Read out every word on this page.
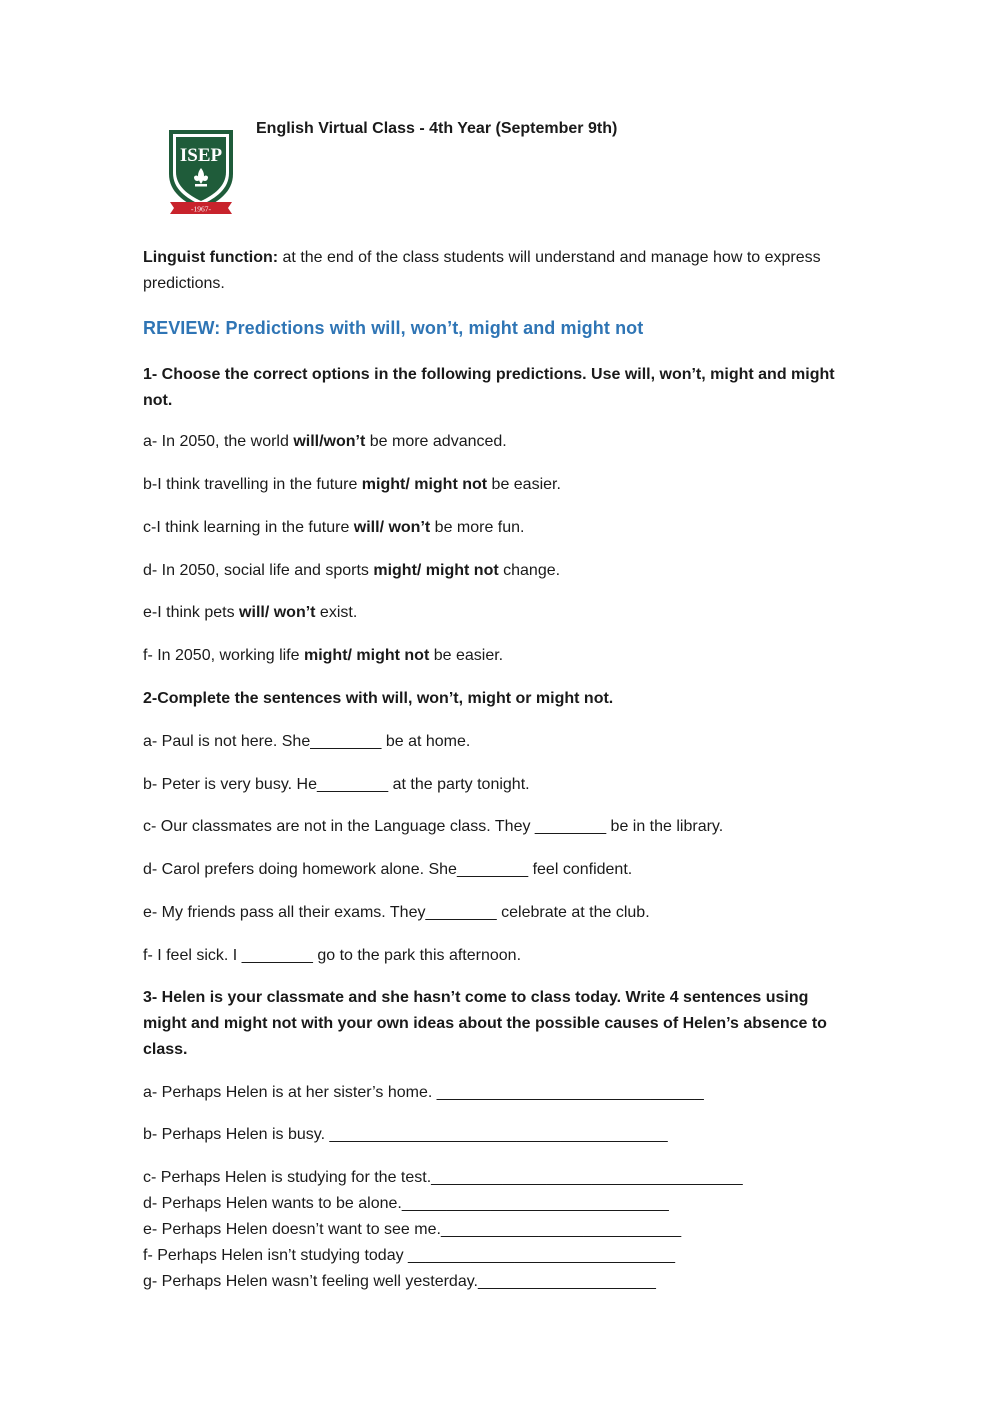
ISEP
-1967-
English Virtual Class - 4th Year (September 9th)
Linguist function: at the end of the class students will understand and manage how to express predictions.
REVIEW: Predictions with will, won’t, might and might not
1- Choose the correct options in the following predictions. Use will, won’t, might and might not.
a- In 2050, the world will/won’t be more advanced.
b-I think travelling in the future might/ might not be easier.
c-I think learning in the future will/ won’t be more fun.
d- In 2050, social life and sports might/ might not change.
e-I think pets will/ won’t exist.
f- In 2050, working life might/ might not be easier.
2-Complete the sentences with will, won’t, might or might not.
a- Paul is not here. She________ be at home.
b- Peter is very busy. He________ at the party tonight.
c- Our classmates are not in the Language class. They ________ be in the library.
d- Carol prefers doing homework alone. She________ feel confident.
e- My friends pass all their exams. They________ celebrate at the club.
f- I feel sick. I ________ go to the park this afternoon.
3- Helen is your classmate and she hasn’t come to class today. Write 4 sentences using might and might not with your own ideas about the possible causes of Helen’s absence to class.
a- Perhaps Helen is at her sister’s home. ______________________________
b- Perhaps Helen is busy. ______________________________________
c- Perhaps Helen is studying for the test.___________________________________
d- Perhaps Helen wants to be alone.______________________________
e- Perhaps Helen doesn’t want to see me.___________________________
f- Perhaps Helen isn’t studying today ______________________________
g- Perhaps Helen wasn’t feeling well yesterday.____________________
